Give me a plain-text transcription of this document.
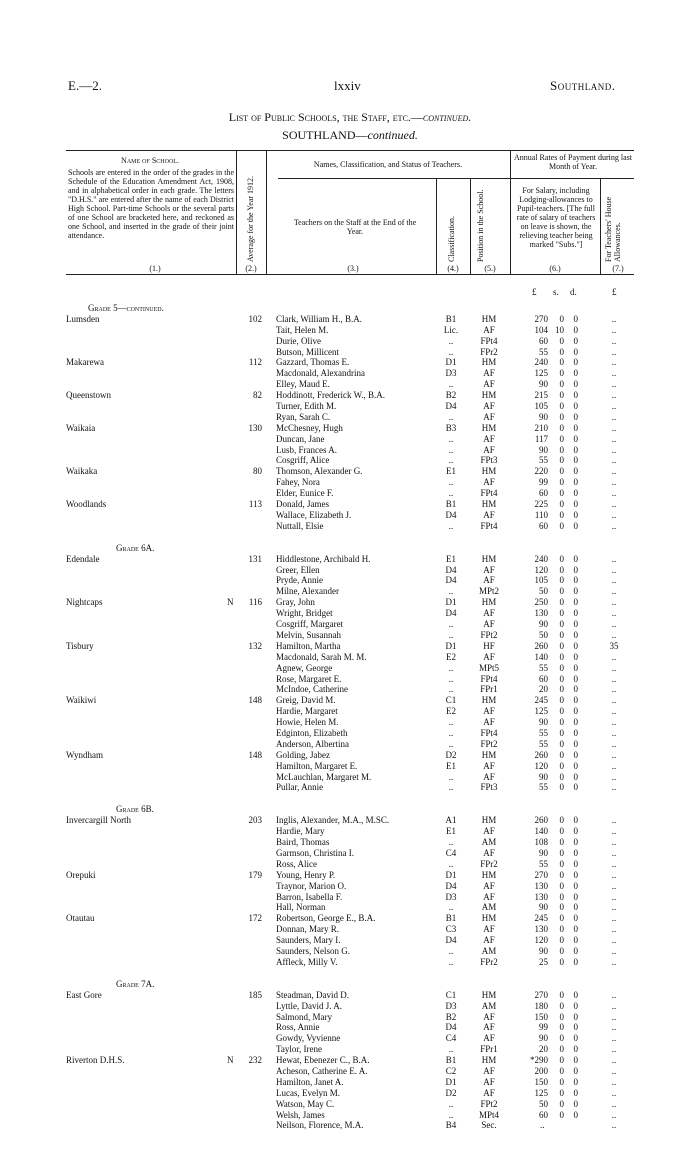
E.—2.	lxxiv	Southland.
List of Public Schools, the Staff, etc.—continued.
SOUTHLAND—continued.
Name of School.
Schools are entered in the order of the grades in the Schedule of the Education Amendment Act, 1908, and in alphabetical order in each grade. The letters "D.H.S." are entered after the name of each District High School. Part-time Schools or the several parts of one School are bracketed here, and reckoned as one School, and inserted in the grade of their joint attendance.	Average for the Year 1912.
Names, Classification, and Status of Teachers.
Teachers on the Staff at the End of the Year.	Classification.	Position in the School.
Annual Rates of Payment during last Month of Year.
For Salary, including Lodging-allowances to Pupil-teachers. [The full rate of salary of teachers on leave is shown, the relieving teacher being marked "Subs."]	For Teachers' House Allowances.
(1.)	(2.)	(3.)	(4.)	(5.)	(6.)	(7.)
£ s. d.	£
Grade 5—continued.
Lumsden	102 Clark, William H., B.A.	B1	HM	270	0	0	..
Tait, Helen M.	Lic.	AF	104 10	0	..
Durie, Olive	..	FPt4	60	0	0	..
Butson, Millicent	..	FPr2	55	0	0	..
Makarewa	112 Gazzard, Thomas E.	D1	HM	240	0	0	..
Macdonald, Alexandrina	D3	AF	125	0	0	..
Elley, Maud E.	..	AF	90	0	0	..
Queenstown	82 Hoddinott, Frederick W., B.A.	B2	HM	215	0	0	..
Turner, Edith M.	D4	AF	105	0	0	..
Ryan, Sarah C.	..	AF	90	0	0	..
Waikaia	130 McChesney, Hugh	B3	HM	210	0	0	..
Duncan, Jane	..	AF	117	0	0	..
Lusb, Frances A.	..	AF	90	0	0	..
Cosgriff, Alice	..	FPt3	55	0	0	..
Waikaka	80 Thomson, Alexander G.	E1	HM	220	0	0	..
Fahey, Nora	..	AF	99	0	0	..
Elder, Eunice F.	..	FPt4	60	0	0	..
Woodlands	113 Donald, James	B1	HM	225	0	0	..
Wallace, Elizabeth J.	D4	AF	110	0	0	..
Nuttall, Elsie	..	FPt4	60	0	0	..
Grade 6A.
Edendale	131 Hiddlestone, Archibald H.	E1	HM	240	0	0	..
Greer, Ellen	D4	AF	120	0	0	..
Pryde, Annie	D4	AF	105	0	0	..
Milne, Alexander	..	MPt2	50	0	0	..
Nightcaps	N	116 Gray, John	D1	HM	250	0	0	..
Wright, Bridget	D4	AF	130	0	0	..
Cosgriff, Margaret	..	AF	90	0	0	..
Melvin, Susannah	..	FPt2	50	0	0	..
Tisbury	132 Hamilton, Martha	D1	HF	260	0	0	35
Macdonald, Sarah M. M.	E2	AF	140	0	0	..
Agnew, George	..	MPt5	55	0	0	..
Rose, Margaret E.	..	FPt4	60	0	0	..
McIndoe, Catherine	..	FPr1	20	0	0	..
Waikiwi	148 Greig, David M.	C1	HM	245	0	0	..
Hardie, Margaret	E2	AF	125	0	0	..
Howie, Helen M.	..	AF	90	0	0	..
Edginton, Elizabeth	..	FPt4	55	0	0	..
Anderson, Albertina	..	FPt2	55	0	0	..
Wyndham	148 Golding, Jabez	D2	HM	260	0	0	..
Hamilton, Margaret E.	E1	AF	120	0	0	..
McLauchlan, Margaret M.	..	AF	90	0	0	..
Pullar, Annie	..	FPt3	55	0	0	..
Grade 6B.
Invercargill North	203 Inglis, Alexander, M.A., M.SC.	A1	HM	260	0	0	..
Hardie, Mary	E1	AF	140	0	0	..
Baird, Thomas	..	AM	108	0	0	..
Garmson, Christina I.	C4	AF	90	0	0	..
Ross, Alice	..	FPr2	55	0	0	..
Orepuki	179 Young, Henry P.	D1	HM	270	0	0	..
Traynor, Marion O.	D4	AF	130	0	0	..
Barron, Isabella F.	D3	AF	130	0	0	..
Hall, Norman	..	AM	90	0	0	..
Otautau	172 Robertson, George E., B.A.	B1	HM	245	0	0	..
Donnan, Mary R.	C3	AF	130	0	0	..
Saunders, Mary I.	D4	AF	120	0	0	..
Saunders, Nelson G.	..	AM	90	0	0	..
Affleck, Milly V.	..	FPr2	25	0	0	..
Grade 7A.
East Gore	185 Steadman, David D.	C1	HM	270	0	0	..
Lyttle, David J. A.	D3	AM	180	0	0	..
Salmond, Mary	B2	AF	150	0	0	..
Ross, Annie	D4	AF	99	0	0	..
Gowdy, Vyvienne	C4	AF	90	0	0	..
Taylor, Irene	..	FPr1	20	0	0	..
Riverton D.H.S.	N	232 Hewat, Ebenezer C., B.A.	B1	HM	*290	0	0	..
Acheson, Catherine E. A.	C2	AF	200	0	0	..
Hamilton, Janet A.	D1	AF	150	0	0	..
Lucas, Evelyn M.	D2	AF	125	0	0	..
Watson, May C.	..	FPt2	50	0	0	..
Welsh, James	..	MPt4	60	0	0	..
Neilson, Florence, M.A.	B4	Sec.	..	..
